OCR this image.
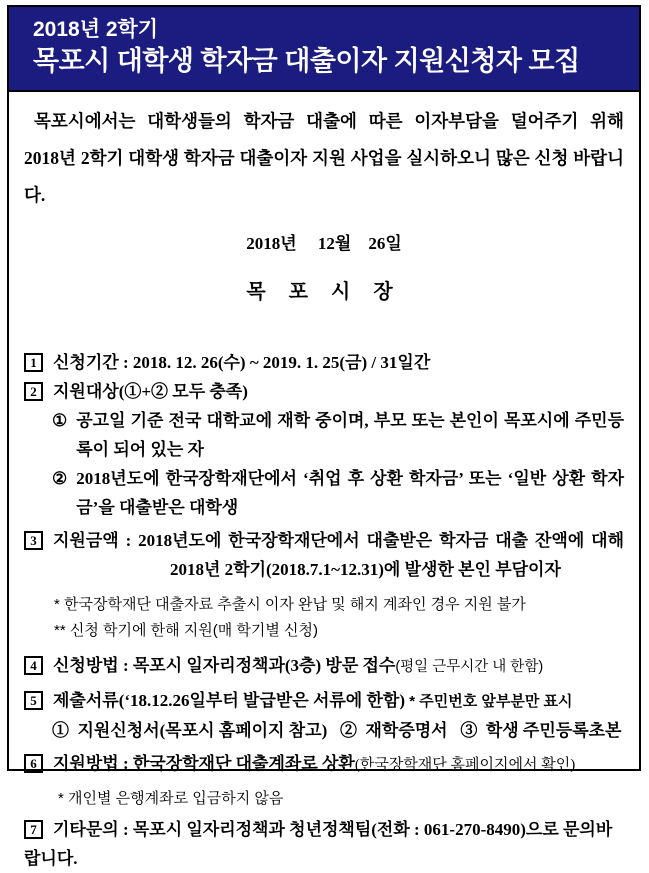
2018년 2학기

목포시 대학생 학자금 대출이자 지원신청자 모집

목포시에서는 대학생들의 학자금 대출에 따른 이자부담을 덜어주기 위해
2018년 2학기 대학생 학자금 대출이자 지원 사업을 실시하오니 많은 신청 바랍니다.
2018년     12월    26일
목 포 시 장
1 신청기간 : 2018. 12. 26(수) ~ 2019. 1. 25(금) / 31일간
2 지원대상(①+② 모두 충족)
① 공고일 기준 전국 대학교에 재학 중이며, 부모 또는 본인이 목포시에 주민등록이 되어 있는 자
② 2018년도에 한국장학재단에서 ‘취업 후 상환 학자금’ 또는 ‘일반 상환 학자금’을 대출받은 대학생
3 지원금액 : 2018년도에 한국장학재단에서 대출받은 학자금 대출 잔액에 대해
2018년 2학기(2018.7.1~12.31)에 발생한 본인 부담이자
* 한국장학재단 대출자료 추출시 이자 완납 및 해지 계좌인 경우 지원 불가
** 신청 학기에 한해 지원(매 학기별 신청)
4 신청방법 : 목포시 일자리정책과(3층) 방문 접수(평일 근무시간 내 한함)
5 제출서류(‘18.12.26일부터 발급받은 서류에 한함) * 주민번호 앞부분만 표시
①  지원신청서(목포시 홈페이지 참고)   ②  재학증명서   ③  학생 주민등록초본
6 지원방법 : 한국장학재단 대출계좌로 상환(한국장학재단 홈페이지에서 확인)
* 개인별 은행계좌로 입금하지 않음
7 기타문의 : 목포시 일자리정책과 청년정책팀(전화 : 061-270-8490)으로 문의바랍니다.
